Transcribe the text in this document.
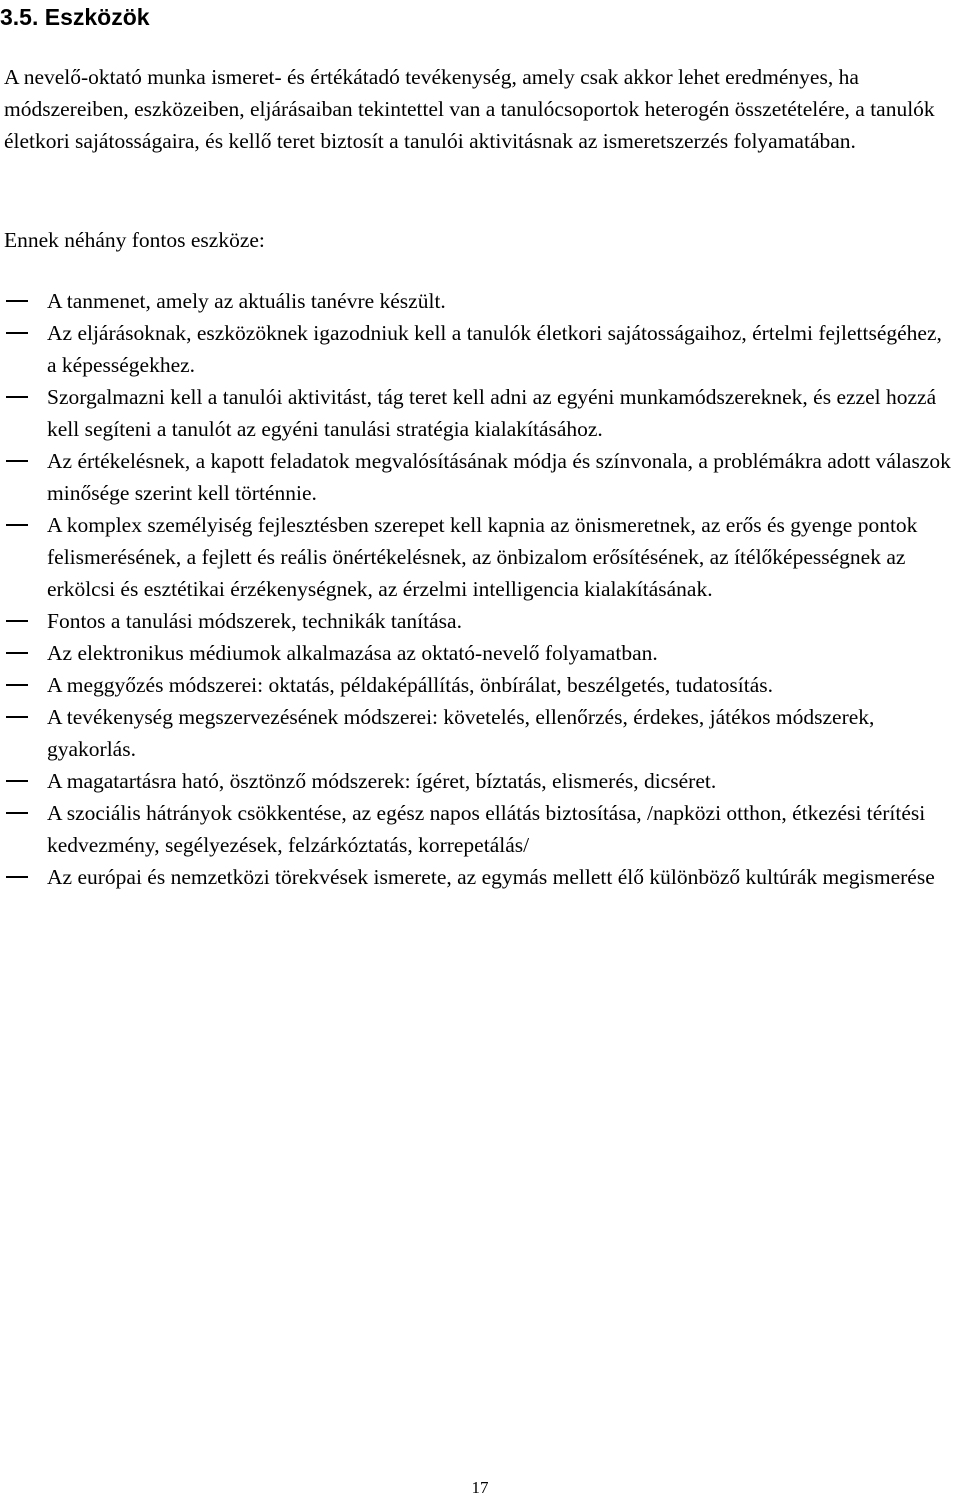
3.5. Eszközök

A nevelő-oktató munka ismeret- és értékátadó tevékenység, amely csak akkor lehet eredményes, ha módszereiben, eszközeiben, eljárásaiban tekintettel van a tanulócsoportok heterogén összetételére, a tanulók életkori sajátosságaira, és kellő teret biztosít a tanulói aktivitásnak az ismeretszerzés folyamatában.

Ennek néhány fontos eszköze:

A tanmenet, amely az aktuális tanévre készült.
Az eljárásoknak, eszközöknek igazodniuk kell a tanulók életkori sajátosságaihoz, értelmi fejlettségéhez, a képességekhez.
Szorgalmazni kell a tanulói aktivitást, tág teret kell adni az egyéni munkamódszereknek, és ezzel hozzá kell segíteni a tanulót az egyéni tanulási stratégia kialakításához.
Az értékelésnek, a kapott feladatok megvalósításának módja és színvonala, a problémákra adott válaszok minősége szerint kell történnie.
A komplex személyiség fejlesztésben szerepet kell kapnia az önismeretnek, az erős és gyenge pontok felismerésének, a fejlett és reális önértékelésnek, az önbizalom erősítésének, az ítélőképességnek az erkölcsi és esztétikai érzékenységnek, az érzelmi intelligencia kialakításának.
Fontos a tanulási módszerek, technikák tanítása.
Az elektronikus médiumok alkalmazása az oktató-nevelő folyamatban.
A meggyőzés módszerei: oktatás, példaképállítás, önbírálat, beszélgetés, tudatosítás.
A tevékenység megszervezésének módszerei: követelés, ellenőrzés, érdekes, játékos módszerek, gyakorlás.
A magatartásra ható, ösztönző módszerek: ígéret, bíztatás, elismerés, dicséret.
A szociális hátrányok csökkentése, az egész napos ellátás biztosítása, /napközi otthon, étkezési térítési kedvezmény, segélyezések, felzárkóztatás, korrepetálás/
Az európai és nemzetközi törekvések ismerete, az egymás mellett élő különböző kultúrák megismerése

17
